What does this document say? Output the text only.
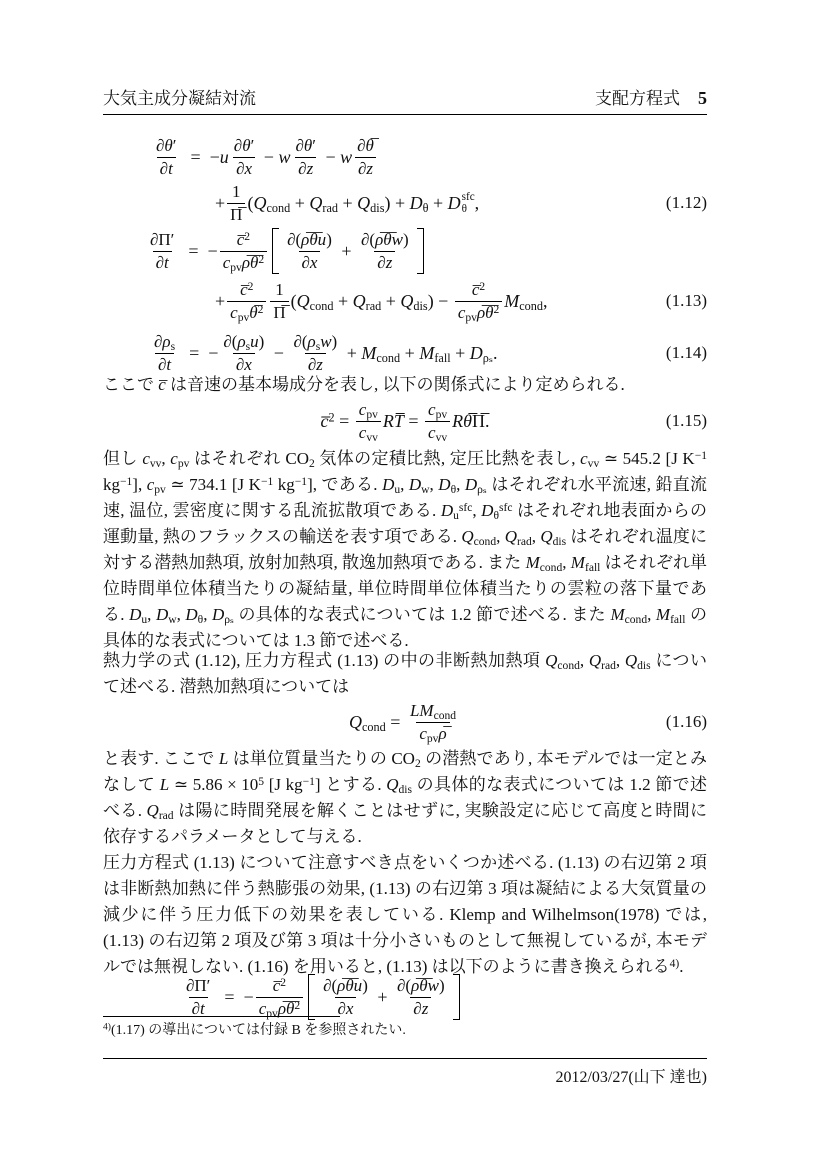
大気主成分凝結対流	支配方程式 5
$\frac{\partial\theta'}{\partial t} = -u \frac{\partial\theta'}{\partial x} - w \frac{\partial\theta'}{\partial z} - w \frac{\partial\theta̅}{\partial z}$
+ $\frac{1}{\Pi̅} (Q_{cond} + Q_{rad} + Q_{dis}) + D_\theta + D$ sfc
θ ,	(1.12)
$\frac{\partial\Pi'}{\partial t}$ =  − $\frac{c̅^2}{c_{pv}\rho̅\theta̅^2} \frac{\partial(\rho̅\theta̅u)}{\partial x} + \frac{\partial(\rho̅\theta̅w)}{\partial z}$
+ $\frac{c̅^2}{c_{pv}\theta̅^2} \frac{1}{\Pi̅} (Q_{cond} + Q_{rad} + Q_{dis}) - \frac{c̅^2}{c_{pv}\rho̅\theta̅^2} M_{cond}$,	(1.13)
$\frac{\partial\rho_s}{\partial t}$ =  − $\frac{\partial(\rho_su)}{\partial x} - \frac{\partial(\rho_sw)}{\partial z} + M_{cond} + M_{fall} + D_{\rho_s}$.	(1.14)
ここで c̅ は音速の基本場成分を表し, 以下の関係式により定められる.
c̅$^2$ = $\frac{c_{pv}}{c_{vv}}$ RT̅ = $\frac{c_{pv}}{c_{vv}}$ Rθ̅Π̅.	(1.15)
但し $c_{vv}$, $c_{pv}$ はそれぞれ $CO_2$ 気体の定積比熱, 定圧比熱を表し, $c_{vv}$ ≃ 545.2 [J $K^{-1}$ $kg^{-1}$], $c_{pv}$ ≃ 734.1 [J $K^{-1}$ $kg^{-1}$], である. $D_u$, $D_w$, $D_\theta$, $D_{\rho_s}$ はそれぞれ水平流速, 鉛直流速, 温位, 雲密度に関する乱流拡散項である. $D_u^{sfc}$, $D_\theta^{sfc}$ はそれぞれ地表面からの運動量, 熱のフラックスの輸送を表す項である. $Q_{cond}$, $Q_{rad}$, $Q_{dis}$ はそれぞれ温度に対する潜熱加熱項, 放射加熱項, 散逸加熱項である. また $M_{cond}$, $M_{fall}$ はそれぞれ単位時間単位体積当たりの凝結量, 単位時間単位体積当たりの雲粒の落下量である. $D_u$, $D_w$, $D_\theta$, $D_{\rho_s}$ の具体的な表式については 1.2 節で述べる. また $M_{cond}$, $M_{fall}$ の具体的な表式については 1.3 節で述べる.
熱力学の式 (1.12), 圧力方程式 (1.13) の中の非断熱加熱項 $Q_{cond}$, $Q_{rad}$, $Q_{dis}$ について述べる. 潜熱加熱項については
$Q_{cond} = \frac{LM_{cond}}{c_{pv}\rho̅}$	(1.16)
と表す. ここで L は単位質量当たりの $CO_2$ の潜熱であり, 本モデルでは一定とみなして L ≃ $5.86 \times 10^5$ [J $kg^{-1}$] とする. $Q_{dis}$ の具体的な表式については 1.2 節で述べる. $Q_{rad}$ は陽に時間発展を解くことはせずに, 実験設定に応じて高度と時間に依存するパラメータとして与える.
圧力方程式 (1.13) について注意すべき点をいくつか述べる. (1.13) の右辺第 2 項は非断熱加熱に伴う熱膨張の効果, (1.13) の右辺第 3 項は凝結による大気質量の減少に伴う圧力低下の効果を表している. Klemp and Wilhelmson(1978) では, (1.13) の右辺第 2 項及び第 3 項は十分小さいものとして無視しているが, 本モデルでは無視しない. (1.16) を用いると, (1.13) は以下のように書き換えられる$^{4)}$.
$\frac{\partial\Pi'}{\partial t}$ =  − $\frac{c̅^2}{c_{pv}\rho̅\theta̅^2} \frac{\partial(\rho̅\theta̅u)}{\partial x} + \frac{\partial(\rho̅\theta̅w)}{\partial z}$
$^{4)}$(1.17) の導出については付録 B を参照されたい.
2012/03/27(山下 達也)
